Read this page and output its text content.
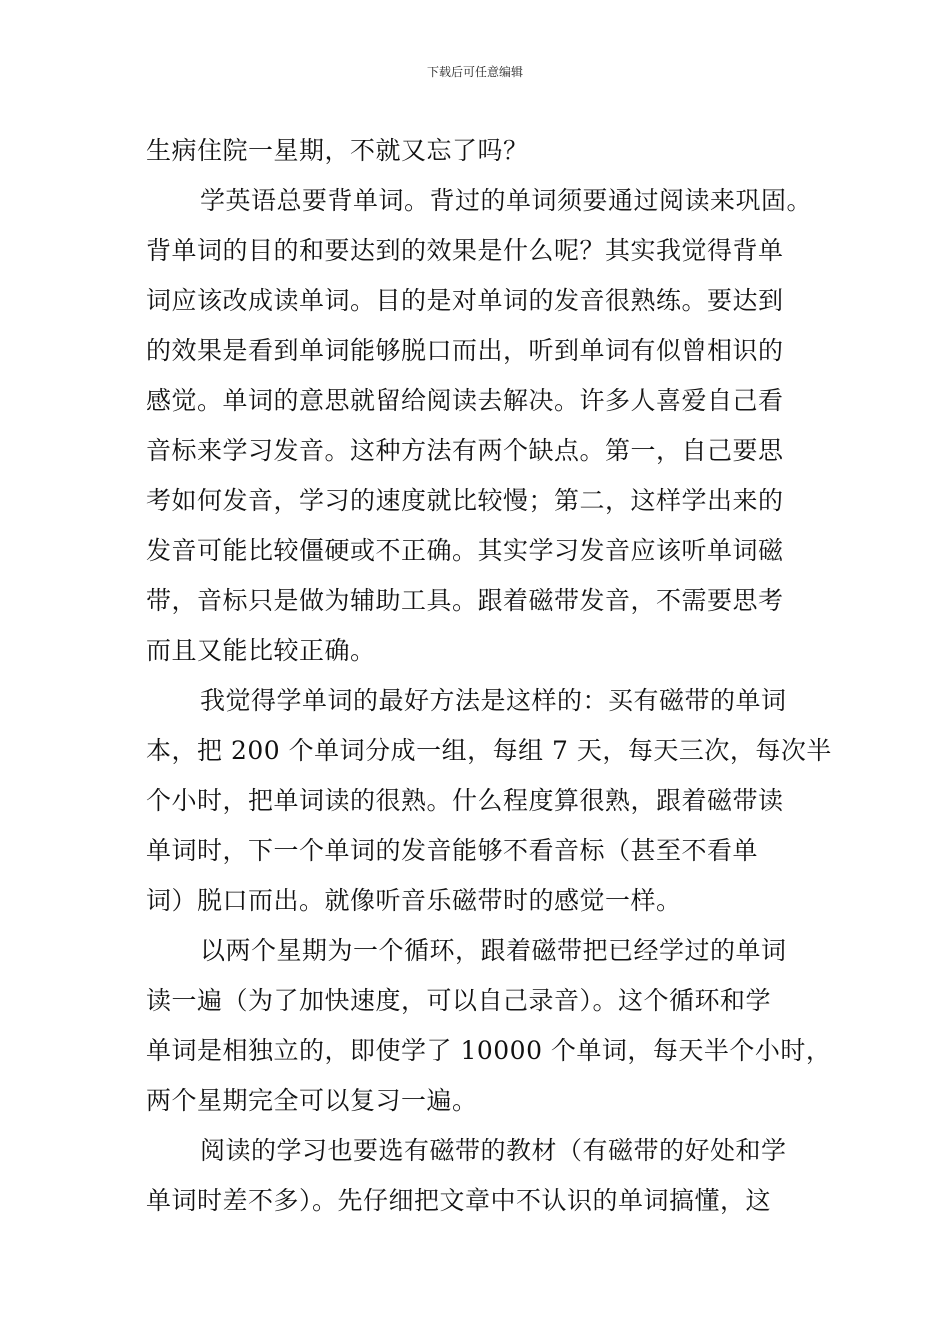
下载后可任意编辑
生病住院一星期，不就又忘了吗？
学英语总要背单词。背过的单词须要通过阅读来巩固。
背单词的目的和要达到的效果是什么呢？其实我觉得背单
词应该改成读单词。目的是对单词的发音很熟练。要达到
的效果是看到单词能够脱口而出，听到单词有似曾相识的
感觉。单词的意思就留给阅读去解决。许多人喜爱自己看
音标来学习发音。这种方法有两个缺点。第一，自己要思
考如何发音，学习的速度就比较慢；第二，这样学出来的
发音可能比较僵硬或不正确。其实学习发音应该听单词磁
带，音标只是做为辅助工具。跟着磁带发音，不需要思考
而且又能比较正确。
我觉得学单词的最好方法是这样的：买有磁带的单词
本，把 200 个单词分成一组，每组 7 天，每天三次，每次半
个小时，把单词读的很熟。什么程度算很熟，跟着磁带读
单词时，下一个单词的发音能够不看音标（甚至不看单
词）脱口而出。就像听音乐磁带时的感觉一样。
以两个星期为一个循环，跟着磁带把已经学过的单词
读一遍（为了加快速度，可以自己录音）。这个循环和学
单词是相独立的，即使学了 10000 个单词，每天半个小时，
两个星期完全可以复习一遍。
阅读的学习也要选有磁带的教材（有磁带的好处和学
单词时差不多）。先仔细把文章中不认识的单词搞懂，这
